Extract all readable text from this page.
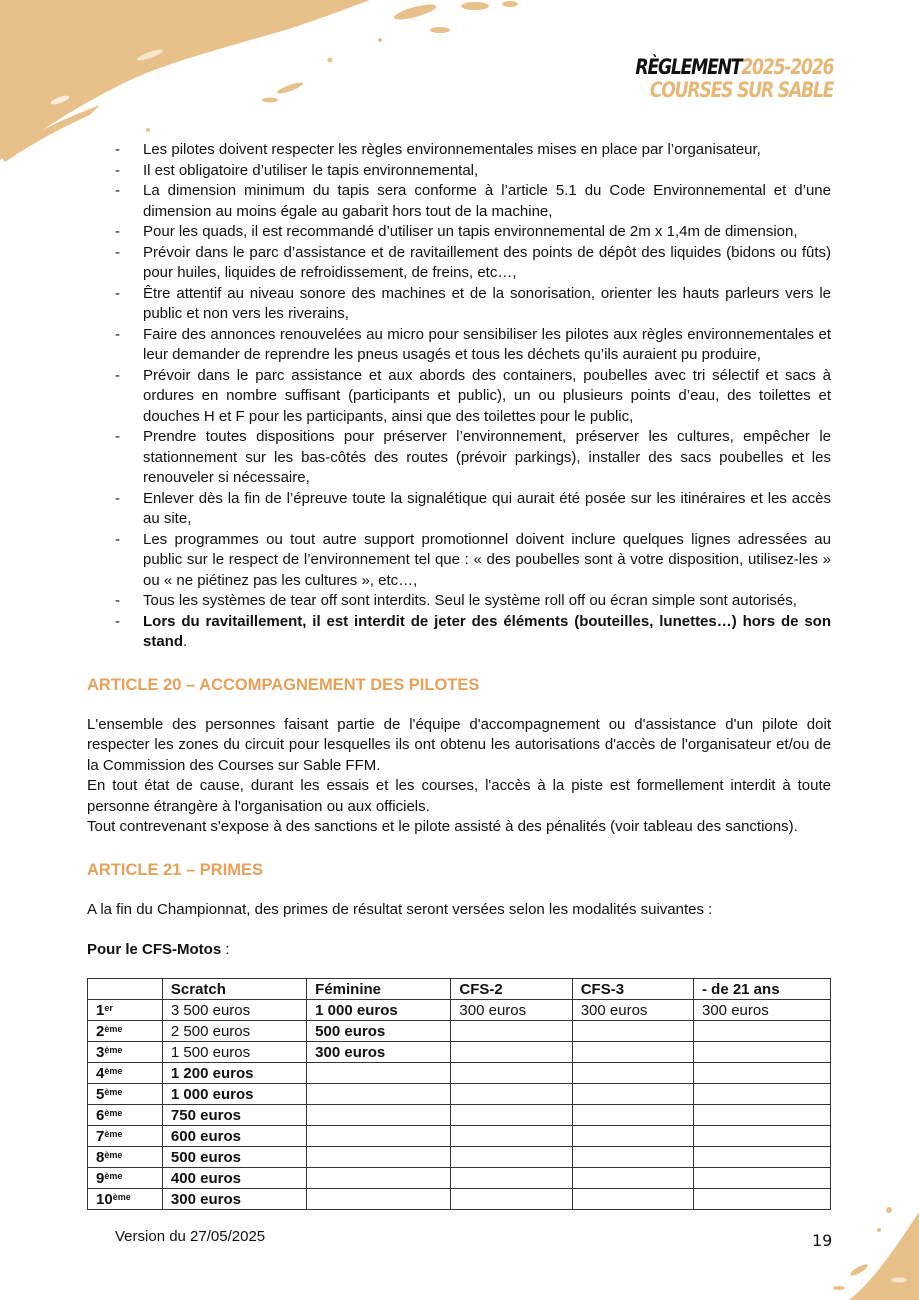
RÈGLEMENT2025-2026
COURSES SUR SABLE
- Les pilotes doivent respecter les règles environnementales mises en place par l’organisateur,
- Il est obligatoire d’utiliser le tapis environnemental,
- La dimension minimum du tapis sera conforme à l’article 5.1 du Code Environnemental et d’une dimension au moins égale au gabarit hors tout de la machine,
- Pour les quads, il est recommandé d’utiliser un tapis environnemental de 2m x 1,4m de dimension,
- Prévoir dans le parc d’assistance et de ravitaillement des points de dépôt des liquides (bidons ou fûts) pour huiles, liquides de refroidissement, de freins, etc…,
- Être attentif au niveau sonore des machines et de la sonorisation, orienter les hauts parleurs vers le public et non vers les riverains,
- Faire des annonces renouvelées au micro pour sensibiliser les pilotes aux règles environnementales et leur demander de reprendre les pneus usagés et tous les déchets qu’ils auraient pu produire,
- Prévoir dans le parc assistance et aux abords des containers, poubelles avec tri sélectif et sacs à ordures en nombre suffisant (participants et public), un ou plusieurs points d’eau, des toilettes et douches H et F pour les participants, ainsi que des toilettes pour le public,
- Prendre toutes dispositions pour préserver l’environnement, préserver les cultures, empêcher le stationnement sur les bas-côtés des routes (prévoir parkings), installer des sacs poubelles et les renouveler si nécessaire,
- Enlever dès la fin de l’épreuve toute la signalétique qui aurait été posée sur les itinéraires et les accès au site,
- Les programmes ou tout autre support promotionnel doivent inclure quelques lignes adressées au public sur le respect de l’environnement tel que : « des poubelles sont à votre disposition, utilisez-les » ou « ne piétinez pas les cultures », etc…,
- Tous les systèmes de tear off sont interdits. Seul le système roll off ou écran simple sont autorisés,
- Lors du ravitaillement, il est interdit de jeter des éléments (bouteilles, lunettes…) hors de son stand.
ARTICLE 20 – ACCOMPAGNEMENT DES PILOTES

L'ensemble des personnes faisant partie de l'équipe d'accompagnement ou d'assistance d'un pilote doit respecter les zones du circuit pour lesquelles ils ont obtenu les autorisations d'accès de l'organisateur et/ou de la Commission des Courses sur Sable FFM.

En tout état de cause, durant les essais et les courses, l'accès à la piste est formellement interdit à toute personne étrangère à l'organisation ou aux officiels.

Tout contrevenant s'expose à des sanctions et le pilote assisté à des pénalités (voir tableau des sanctions).

ARTICLE 21 – PRIMES

A la fin du Championnat, des primes de résultat seront versées selon les modalités suivantes :

Pour le CFS-Motos :

	Scratch	Féminine	CFS-2	CFS-3	- de 21 ans
1er	3 500 euros	1 000 euros	300 euros	300 euros	300 euros
2ème	2 500 euros	500 euros			
3ème	1 500 euros	300 euros			
4ème	1 200 euros				
5ème	1 000 euros				
6ème	750 euros				
7ème	600 euros				
8ème	500 euros				
9ème	400 euros				
10ème	300 euros				
Version du 27/05/2025	19
